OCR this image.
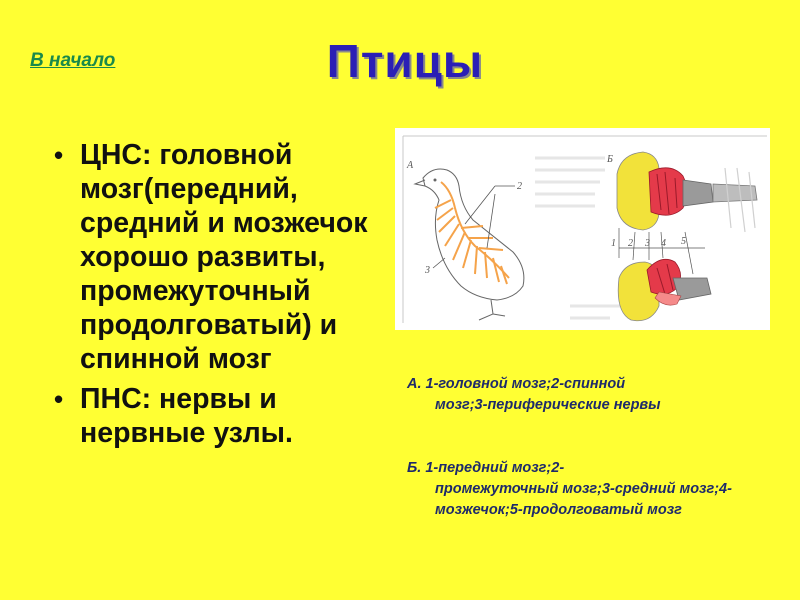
В начало	Птицы
• ЦНС: головной мозг(передний, средний и мозжечок хорошо развиты, промежуточный продолговатый) и спинной мозг
• ПНС: нервы и нервные узлы.
А
2
3
Б
1 2 3 4 5
А. 1-головной мозг;2-спинной
мозг;3-периферические нервы
Б. 1-передний мозг;2-
промежуточный мозг;3-средний мозг;4-мозжечок;5-продолговатый мозг
